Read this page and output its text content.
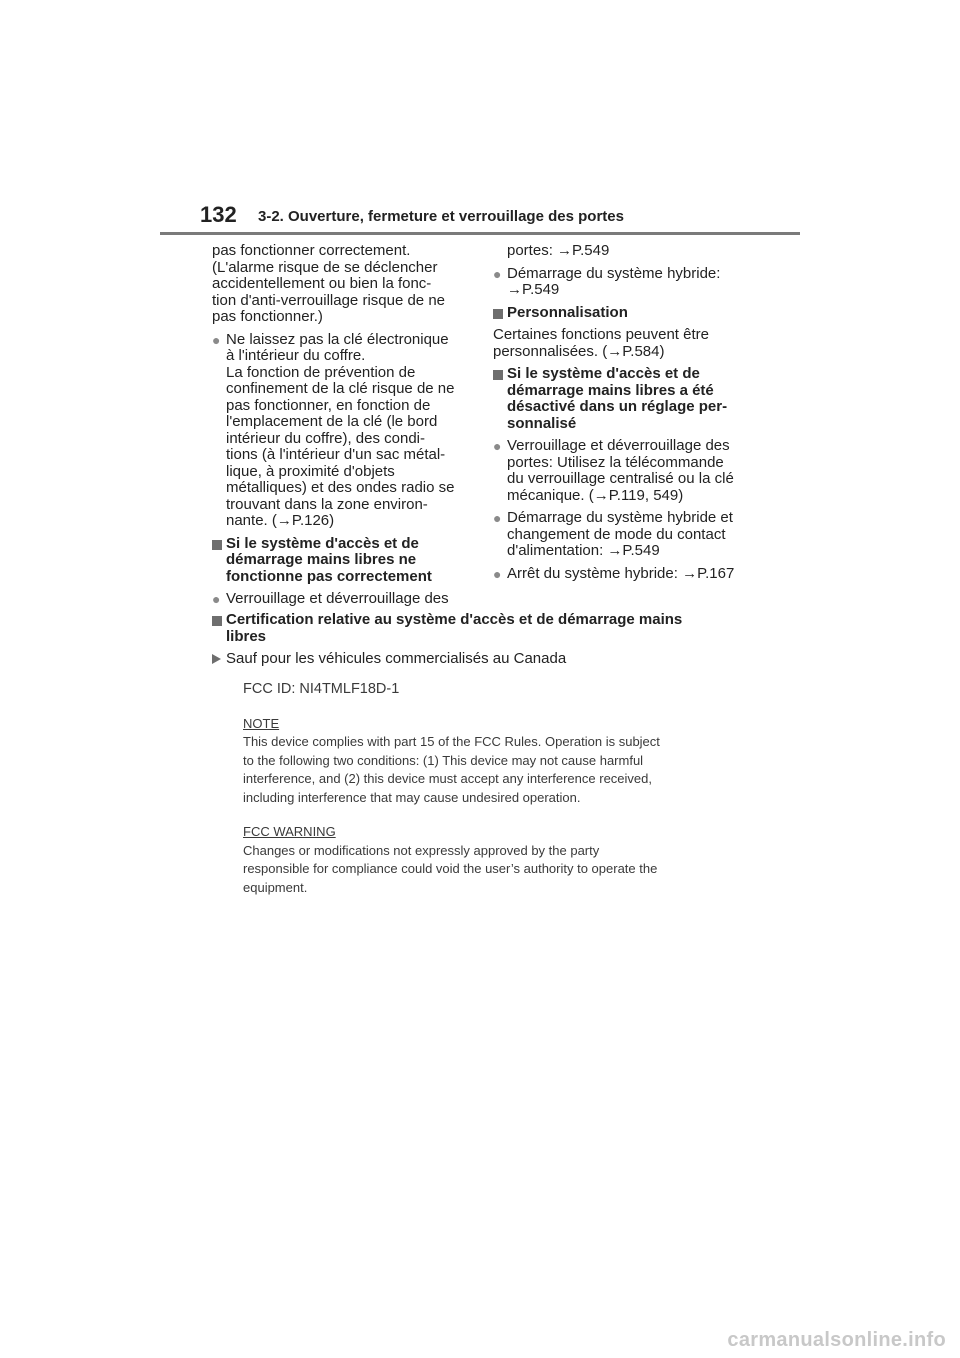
132 3-2. Ouverture, fermeture et verrouillage des portes

pas fonctionner correctement.
(L'alarme risque de se déclencher
accidentellement ou bien la fonc-
tion d'anti-verrouillage risque de ne
pas fonctionner.)

● Ne laissez pas la clé électronique
à l'intérieur du coffre.
La fonction de prévention de
confinement de la clé risque de ne
pas fonctionner, en fonction de
l'emplacement de la clé (le bord
intérieur du coffre), des condi-
tions (à l'intérieur d'un sac métal-
lique, à proximité d'objets
métalliques) et des ondes radio se
trouvant dans la zone environ-
nante. (→P.126)
Si le système d'accès et de
démarrage mains libres ne
fonctionne pas correctement
● Verrouillage et déverrouillage des

portes: →P.549

● Démarrage du système hybride:
→P.549
Personnalisation

Certaines fonctions peuvent être
personnalisées. (→P.584)

Si le système d'accès et de
démarrage mains libres a été
désactivé dans un réglage per-
sonnalisé
● Verrouillage et déverrouillage des
portes: Utilisez la télécommande
du verrouillage centralisé ou la clé
mécanique. (→P.119, 549)
● Démarrage du système hybride et
changement de mode du contact
d'alimentation: →P.549
● Arrêt du système hybride: →P.167
Certification relative au système d'accès et de démarrage mains
libres
Sauf pour les véhicules commercialisés au Canada
FCC ID: NI4TMLF18D-1
NOTE
This device complies with part 15 of the FCC Rules. Operation is subject
to the following two conditions: (1) This device may not cause harmful
interference, and (2) this device must accept any interference received,
including interference that may cause undesired operation.
FCC WARNING
Changes or modifications not expressly approved by the party
responsible for compliance could void the user’s authority to operate the
equipment.
carmanualsonline.info
